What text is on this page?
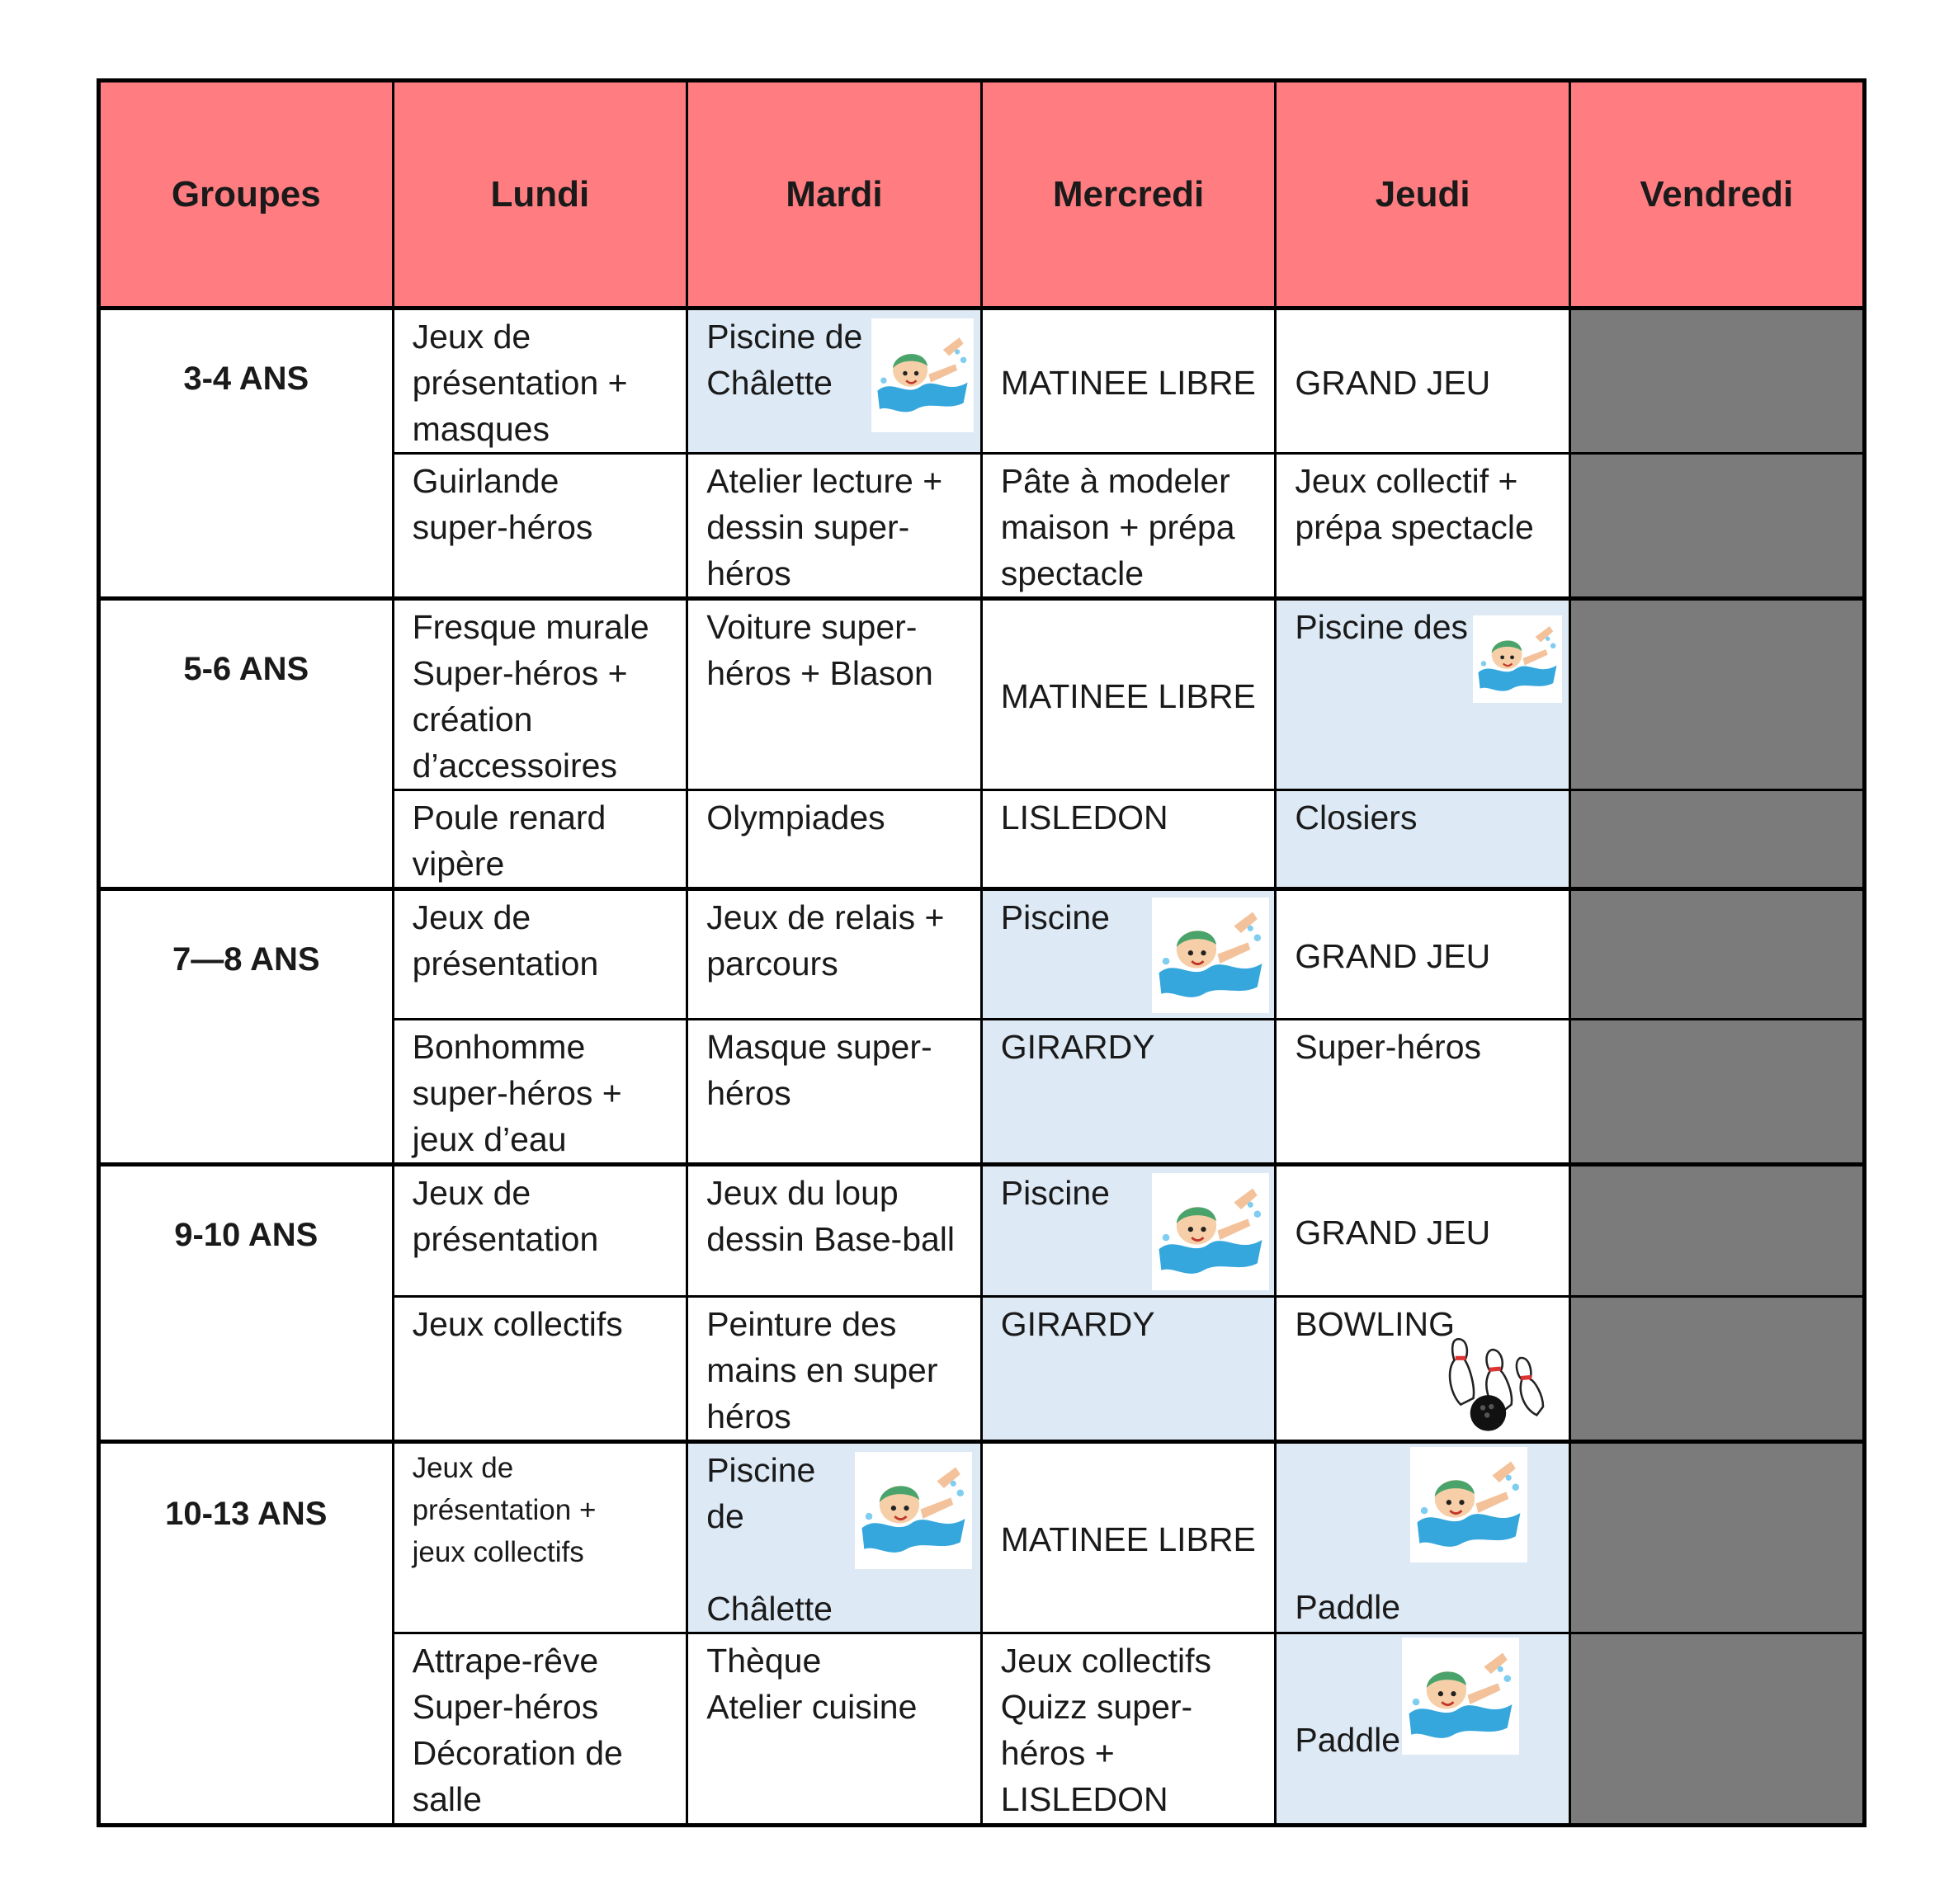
Groupes	Lundi	Mardi	Mercredi	Jeudi	Vendredi

3-4 ANS	Jeux de
présentation +
masques	Piscine de
Châlette	MATINEE LIBRE	GRAND JEU	

	Guirlande
super-héros	Atelier lecture +
dessin super-
héros	Pâte à modeler
maison + prépa
spectacle	Jeux collectif +
prépa spectacle	

5-6 ANS	Fresque murale
Super-héros +
création
d’accessoires	Voiture super-
héros + Blason	MATINEE LIBRE	Piscine des	

	Poule renard
vipère	Olympiades	LISLEDON	Closiers	

7—8 ANS	Jeux de
présentation	Jeux de relais +
parcours	Piscine	GRAND JEU	

	Bonhomme
super-héros +
jeux d’eau	Masque super-
héros	GIRARDY	Super-héros	

9-10 ANS	Jeux de
présentation	Jeux du loup
dessin Base-ball	Piscine	GRAND JEU	

	Jeux collectifs	Peinture des
mains en super
héros	GIRARDY	BOWLING	

10-13 ANS	Jeux de
présentation +
jeux collectifs	Piscine
de

Châlette	MATINEE LIBRE	Paddle	

	Attrape-rêve
Super-héros
Décoration de
salle	Thèque
Atelier cuisine	Jeux collectifs
Quizz super-
héros +
LISLEDON	Paddle	
